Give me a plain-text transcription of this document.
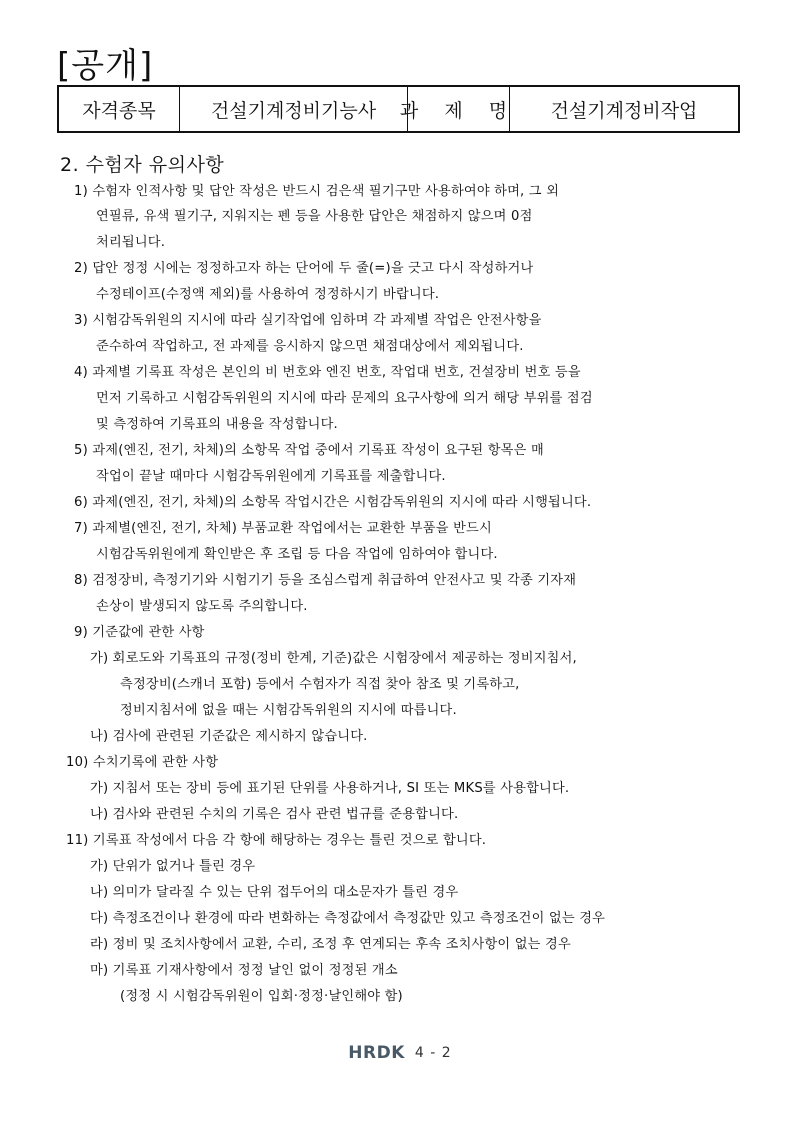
[공개]
자격종목	건설기계정비기능사	과 제 명	건설기계정비작업
2. 수험자 유의사항
1) 수험자 인적사항 및 답안 작성은 반드시 검은색 필기구만 사용하여야 하며, 그 외
연필류, 유색 필기구, 지워지는 펜 등을 사용한 답안은 채점하지 않으며 0점
처리됩니다.
2) 답안 정정 시에는 정정하고자 하는 단어에 두 줄(=)을 긋고 다시 작성하거나
수정테이프(수정액 제외)를 사용하여 정정하시기 바랍니다.
3) 시험감독위원의 지시에 따라 실기작업에 임하며 각 과제별 작업은 안전사항을
준수하여 작업하고, 전 과제를 응시하지 않으면 채점대상에서 제외됩니다.
4) 과제별 기록표 작성은 본인의 비 번호와 엔진 번호, 작업대 번호, 건설장비 번호 등을
먼저 기록하고 시험감독위원의 지시에 따라 문제의 요구사항에 의거 해당 부위를 점검
및 측정하여 기록표의 내용을 작성합니다.
5) 과제(엔진, 전기, 차체)의 소항목 작업 중에서 기록표 작성이 요구된 항목은 매
작업이 끝날 때마다 시험감독위원에게 기록표를 제출합니다.
6) 과제(엔진, 전기, 차체)의 소항목 작업시간은 시험감독위원의 지시에 따라 시행됩니다.
7) 과제별(엔진, 전기, 차체) 부품교환 작업에서는 교환한 부품을 반드시
시험감독위원에게 확인받은 후 조립 등 다음 작업에 임하여야 합니다.
8) 검정장비, 측정기기와 시험기기 등을 조심스럽게 취급하여 안전사고 및 각종 기자재
손상이 발생되지 않도록 주의합니다.
9) 기준값에 관한 사항
가) 회로도와 기록표의 규정(정비 한계, 기준)값은 시험장에서 제공하는 정비지침서,
측정장비(스캐너 포함) 등에서 수험자가 직접 찾아 참조 및 기록하고,
정비지침서에 없을 때는 시험감독위원의 지시에 따릅니다.
나) 검사에 관련된 기준값은 제시하지 않습니다.
10) 수치기록에 관한 사항
가) 지침서 또는 장비 등에 표기된 단위를 사용하거나, SI 또는 MKS를 사용합니다.
나) 검사와 관련된 수치의 기록은 검사 관련 법규를 준용합니다.
11) 기록표 작성에서 다음 각 항에 해당하는 경우는 틀린 것으로 합니다.
가) 단위가 없거나 틀린 경우
나) 의미가 달라질 수 있는 단위 접두어의 대소문자가 틀린 경우
다) 측정조건이나 환경에 따라 변화하는 측정값에서 측정값만 있고 측정조건이 없는 경우
라) 정비 및 조치사항에서 교환, 수리, 조정 후 연계되는 후속 조치사항이 없는 경우
마) 기록표 기재사항에서 정정 날인 없이 정정된 개소
(정정 시 시험감독위원이 입회·정정·날인해야 함)
HRDK 4 - 2
